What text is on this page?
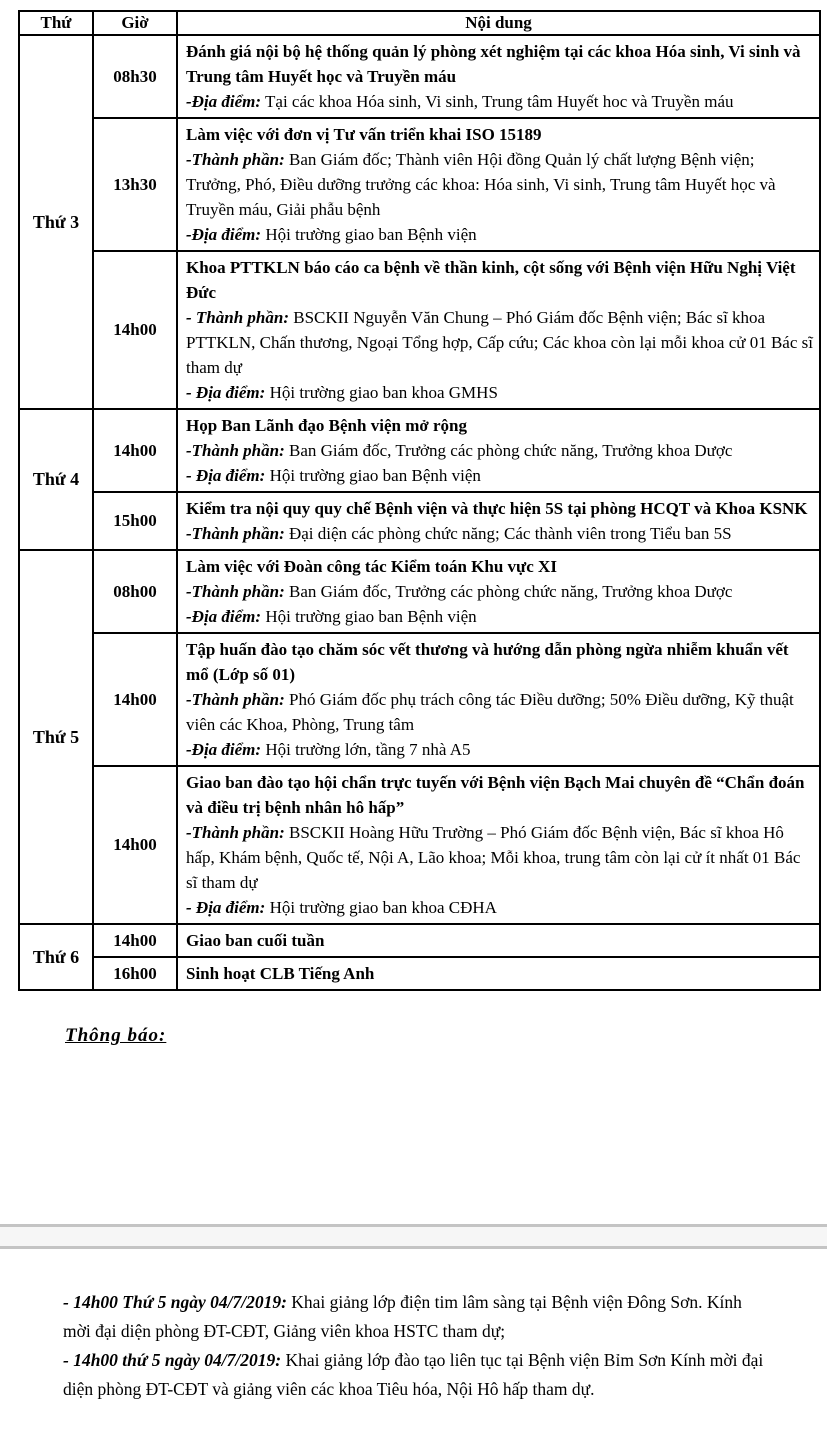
Thứ	Giờ	Nội dung
Thứ 3	08h30	Đánh giá nội bộ hệ thống quản lý phòng xét nghiệm tại các khoa Hóa sinh, Vi sinh và Trung tâm Huyết học và Truyền máu
-Địa điểm: Tại các khoa Hóa sinh, Vi sinh, Trung tâm Huyết hoc và Truyền máu

	13h30	Làm việc với đơn vị Tư vấn triển khai ISO 15189
-Thành phần: Ban Giám đốc; Thành viên Hội đồng Quản lý chất lượng Bệnh viện; Trưởng, Phó, Điều dưỡng trưởng các khoa: Hóa sinh, Vi sinh, Trung tâm Huyết học và Truyền máu, Giải phẫu bệnh
-Địa điểm: Hội trường giao ban Bệnh viện

	14h00	Khoa PTTKLN báo cáo ca bệnh về thần kinh, cột sống với Bệnh viện Hữu Nghị Việt Đức
- Thành phần: BSCKII Nguyễn Văn Chung – Phó Giám đốc Bệnh viện; Bác sĩ khoa PTTKLN, Chấn thương, Ngoại Tổng hợp, Cấp cứu; Các khoa còn lại mỗi khoa cử 01 Bác sĩ tham dự
- Địa điểm: Hội trường giao ban khoa GMHS

Thứ 4	14h00	Họp Ban Lãnh đạo Bệnh viện mở rộng
-Thành phần: Ban Giám đốc, Trưởng các phòng chức năng, Trưởng khoa Dược
- Địa điểm: Hội trường giao ban Bệnh viện

	15h00	Kiểm tra nội quy quy chế Bệnh viện và thực hiện 5S tại phòng HCQT và Khoa KSNK
-Thành phần: Đại diện các phòng chức năng; Các thành viên trong Tiểu ban 5S

Thứ 5	08h00	Làm việc với Đoàn công tác Kiểm toán Khu vực XI
-Thành phần: Ban Giám đốc, Trưởng các phòng chức năng, Trưởng khoa Dược
-Địa điểm: Hội trường giao ban Bệnh viện

	14h00	Tập huấn đào tạo chăm sóc vết thương và hướng dẫn phòng ngừa nhiễm khuẩn vết mổ (Lớp số 01)
-Thành phần: Phó Giám đốc phụ trách công tác Điều dưỡng; 50% Điều dưỡng, Kỹ thuật viên các Khoa, Phòng, Trung tâm
-Địa điểm: Hội trường lớn, tầng 7 nhà A5

	14h00	Giao ban đào tạo hội chẩn trực tuyến với Bệnh viện Bạch Mai chuyên đề “Chẩn đoán và điều trị bệnh nhân hô hấp”
-Thành phần: BSCKII Hoàng Hữu Trường – Phó Giám đốc Bệnh viện, Bác sĩ khoa Hô hấp, Khám bệnh, Quốc tế, Nội A, Lão khoa; Mỗi khoa, trung tâm còn lại cử ít nhất 01 Bác sĩ tham dự
- Địa điểm: Hội trường giao ban khoa CĐHA

Thứ 6	14h00	Giao ban cuối tuần

	16h00	Sinh hoạt CLB Tiếng Anh
Thông báo:

- 14h00 Thứ 5 ngày 04/7/2019: Khai giảng lớp điện tim lâm sàng tại Bệnh viện Đông Sơn. Kính mời đại diện phòng ĐT-CĐT, Giảng viên khoa HSTC tham dự;

- 14h00 thứ 5 ngày 04/7/2019: Khai giảng lớp đào tạo liên tục tại Bệnh viện Bỉm Sơn Kính mời đại diện phòng ĐT-CĐT và giảng viên các khoa Tiêu hóa, Nội Hô hấp tham dự.
